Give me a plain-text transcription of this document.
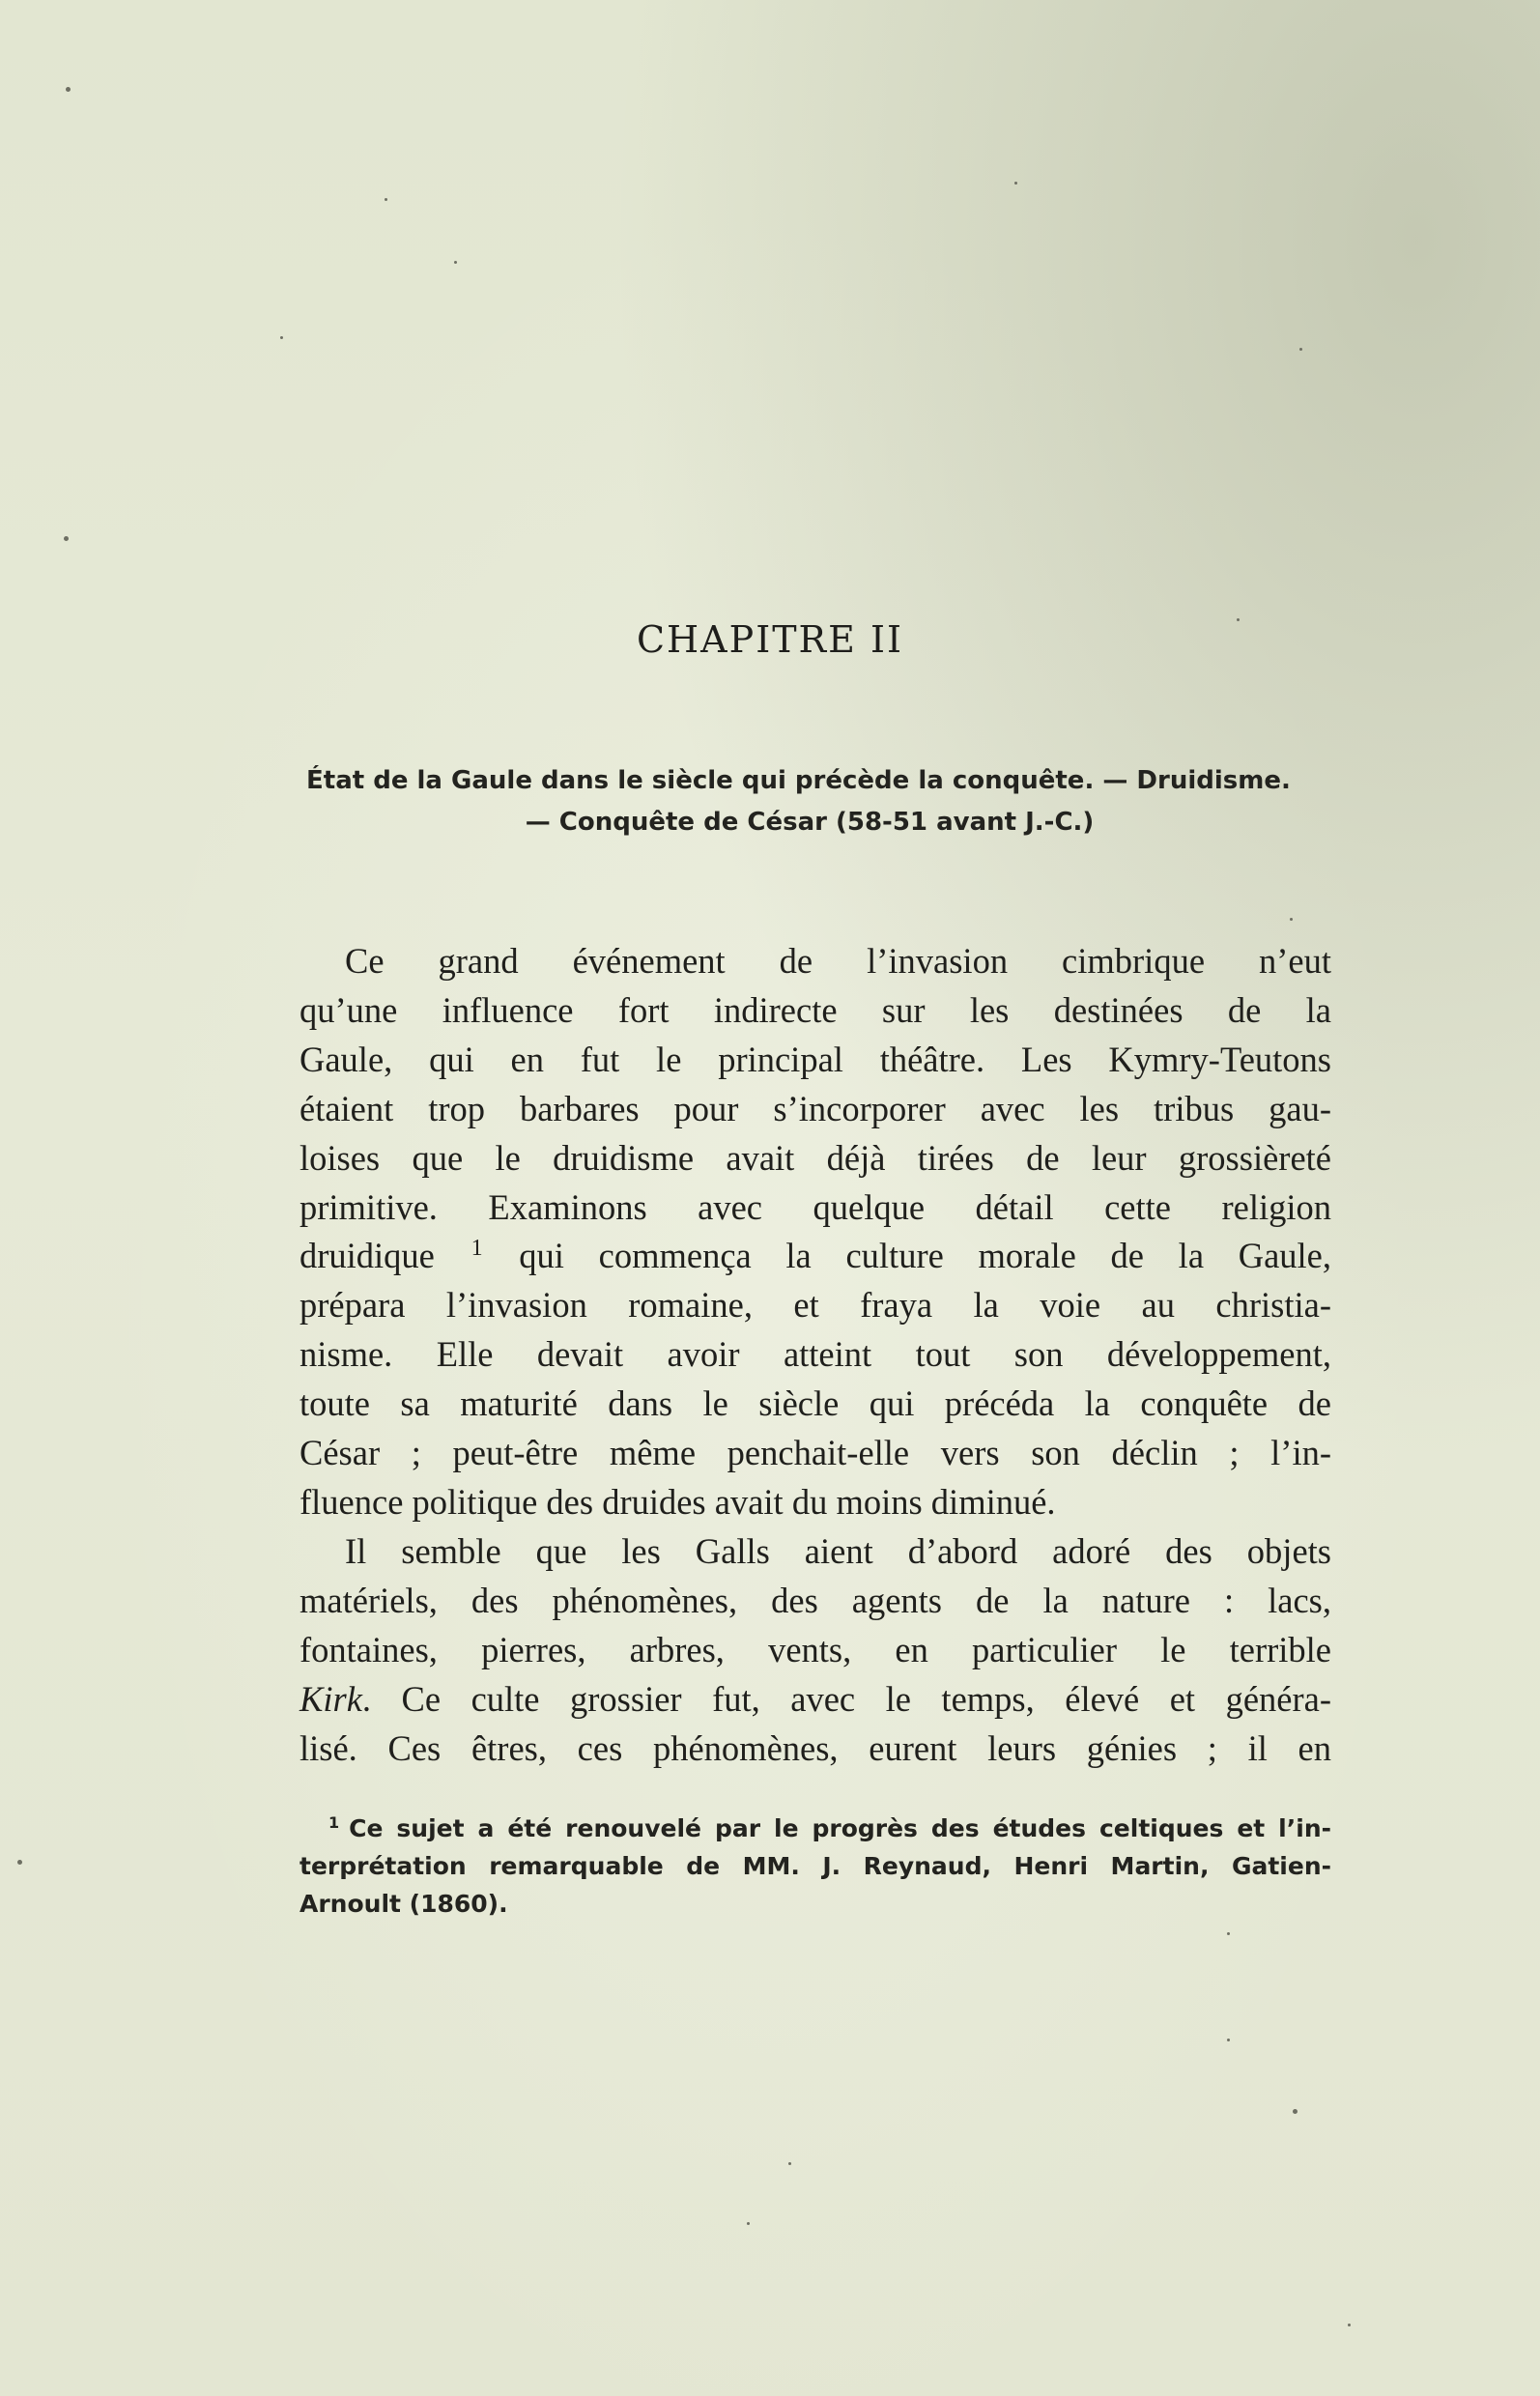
CHAPITRE II
État de la Gaule dans le siècle qui précède la conquête. — Druidisme.
— Conquête de César (58-51 avant J.-C.)
Ce grand événement de l’invasion cimbrique n’eut
qu’une influence fort indirecte sur les destinées de la
Gaule, qui en fut le principal théâtre. Les Kymry-Teutons
étaient trop barbares pour s’incorporer avec les tribus gau-
loises que le druidisme avait déjà tirées de leur grossièreté
primitive. Examinons avec quelque détail cette religion
druidique $^1$ qui commença la culture morale de la Gaule,
prépara l’invasion romaine, et fraya la voie au christia-
nisme. Elle devait avoir atteint tout son développement,
toute sa maturité dans le siècle qui précéda la conquête de
César ; peut-être même penchait-elle vers son déclin ; l’in-
fluence politique des druides avait du moins diminué.
Il semble que les Galls aient d’abord adoré des objets
matériels, des phénomènes, des agents de la nature : lacs,
fontaines, pierres, arbres, vents, en particulier le terrible
Kirk. Ce culte grossier fut, avec le temps, élevé et généra-
lisé. Ces êtres, ces phénomènes, eurent leurs génies ; il en
$^1$ Ce sujet a été renouvelé par le progrès des études celtiques et l’in-
terprétation remarquable de MM. J. Reynaud, Henri Martin, Gatien-
Arnoult (1860).
